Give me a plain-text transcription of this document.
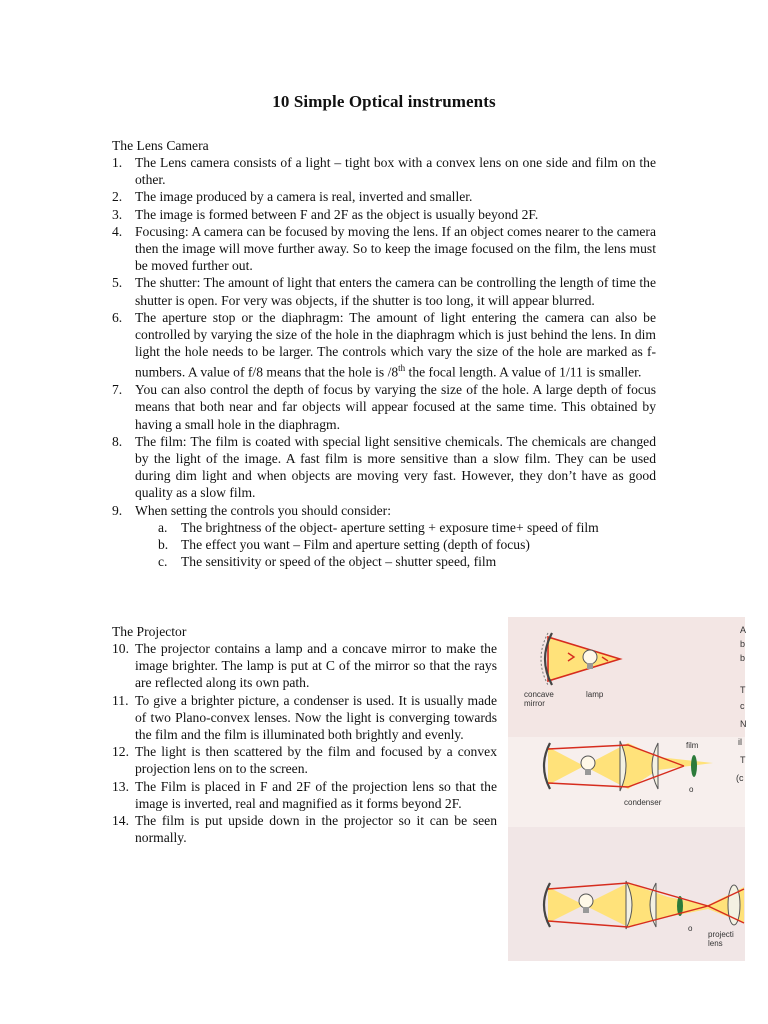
10 Simple Optical instruments
The Lens Camera
1. The Lens camera consists of a light – tight box with a convex lens on one side and film on the other.
2. The image produced by a camera is real, inverted and smaller.
3. The image is formed between F and 2F as the object is usually beyond 2F.
4. Focusing: A camera can be focused by moving the lens. If an object comes nearer to the camera then the image will move further away. So to keep the image focused on the film, the lens must be moved further out.
5. The shutter: The amount of light that enters the camera can be controlling the length of time the shutter is open. For very was objects, if the shutter is too long, it will appear blurred.
6. The aperture stop or the diaphragm: The amount of light entering the camera can also be controlled by varying the size of the hole in the diaphragm which is just behind the lens. In dim light the hole needs to be larger. The controls which vary the size of the hole are marked as f-numbers. A value of f/8 means that the hole is /8th the focal length. A value of 1/11 is smaller.
7. You can also control the depth of focus by varying the size of the hole. A large depth of focus means that both near and far objects will appear focused at the same time. This obtained by having a small hole in the diaphragm.
8. The film: The film is coated with special light sensitive chemicals. The chemicals are changed by the light of the image. A fast film is more sensitive than a slow film. They can be used during dim light and when objects are moving very fast. However, they don’t have as good quality as a slow film.
9. When setting the controls you should consider:
a. The brightness of the object- aperture setting + exposure time+ speed of film
b. The effect you want – Film and aperture setting (depth of focus)
c. The sensitivity or speed of the object – shutter speed, film
The Projector
10. The projector contains a lamp and a concave mirror to make the image brighter. The lamp is put at C of the mirror so that the rays are reflected along its own path.
11. To give a brighter picture, a condenser is used. It is usually made of two Plano-convex lenses. Now the light is converging towards the film and the film is illuminated both brightly and evenly.
12. The light is then scattered by the film and focused by a convex projection lens on to the screen.
13. The Film is placed in F and 2F of the projection lens so that the image is inverted, real and magnified as it forms beyond 2F.
14. The film is put upside down in the projector so it can be seen normally.
concave
mirror
lamp
film
o
condenser
o
projecti
lens
A
b
b
T
c
N
il
T
(c
